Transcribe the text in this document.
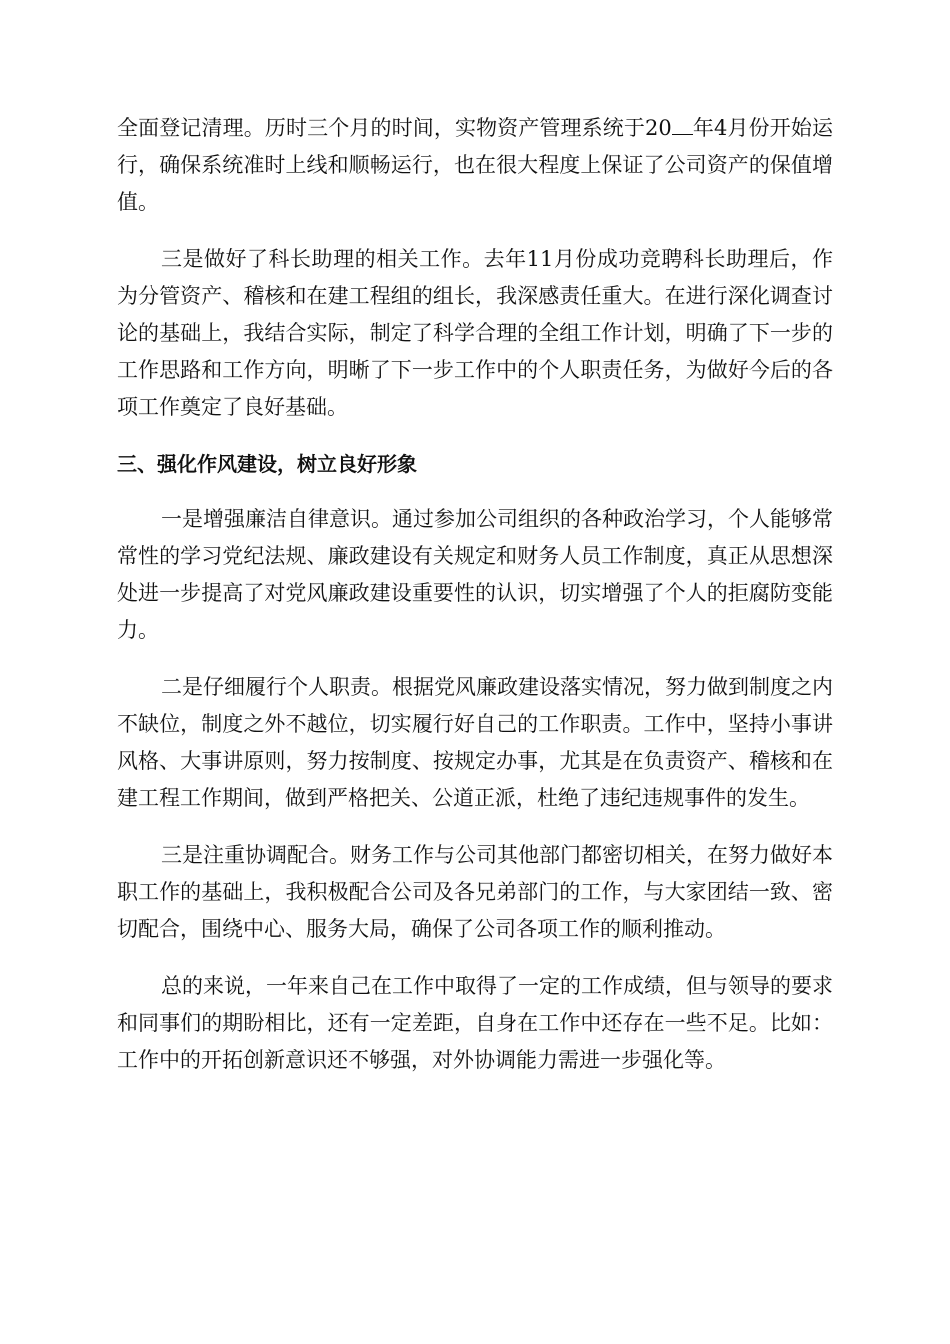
全面登记清理。历时三个月的时间，实物资产管理系统于20 年4月份开始运行，确保系统准时上线和顺畅运行，也在很大程度上保证了公司资产的保值增值。

三是做好了科长助理的相关工作。去年11月份成功竞聘科长助理后，作为分管资产、稽核和在建工程组的组长，我深感责任重大。在进行深化调查讨论的基础上，我结合实际，制定了科学合理的全组工作计划，明确了下一步的工作思路和工作方向，明晰了下一步工作中的个人职责任务，为做好今后的各项工作奠定了良好基础。

三、强化作风建设，树立良好形象

一是增强廉洁自律意识。通过参加公司组织的各种政治学习，个人能够常常性的学习党纪法规、廉政建设有关规定和财务人员工作制度，真正从思想深处进一步提高了对党风廉政建设重要性的认识，切实增强了个人的拒腐防变能力。

二是仔细履行个人职责。根据党风廉政建设落实情况，努力做到制度之内不缺位，制度之外不越位，切实履行好自己的工作职责。工作中，坚持小事讲风格、大事讲原则，努力按制度、按规定办事，尤其是在负责资产、稽核和在建工程工作期间，做到严格把关、公道正派，杜绝了违纪违规事件的发生。

三是注重协调配合。财务工作与公司其他部门都密切相关，在努力做好本职工作的基础上，我积极配合公司及各兄弟部门的工作，与大家团结一致、密切配合，围绕中心、服务大局，确保了公司各项工作的顺利推动。

总的来说，一年来自己在工作中取得了一定的工作成绩，但与领导的要求和同事们的期盼相比，还有一定差距，自身在工作中还存在一些不足。比如：工作中的开拓创新意识还不够强，对外协调能力需进一步强化等。
